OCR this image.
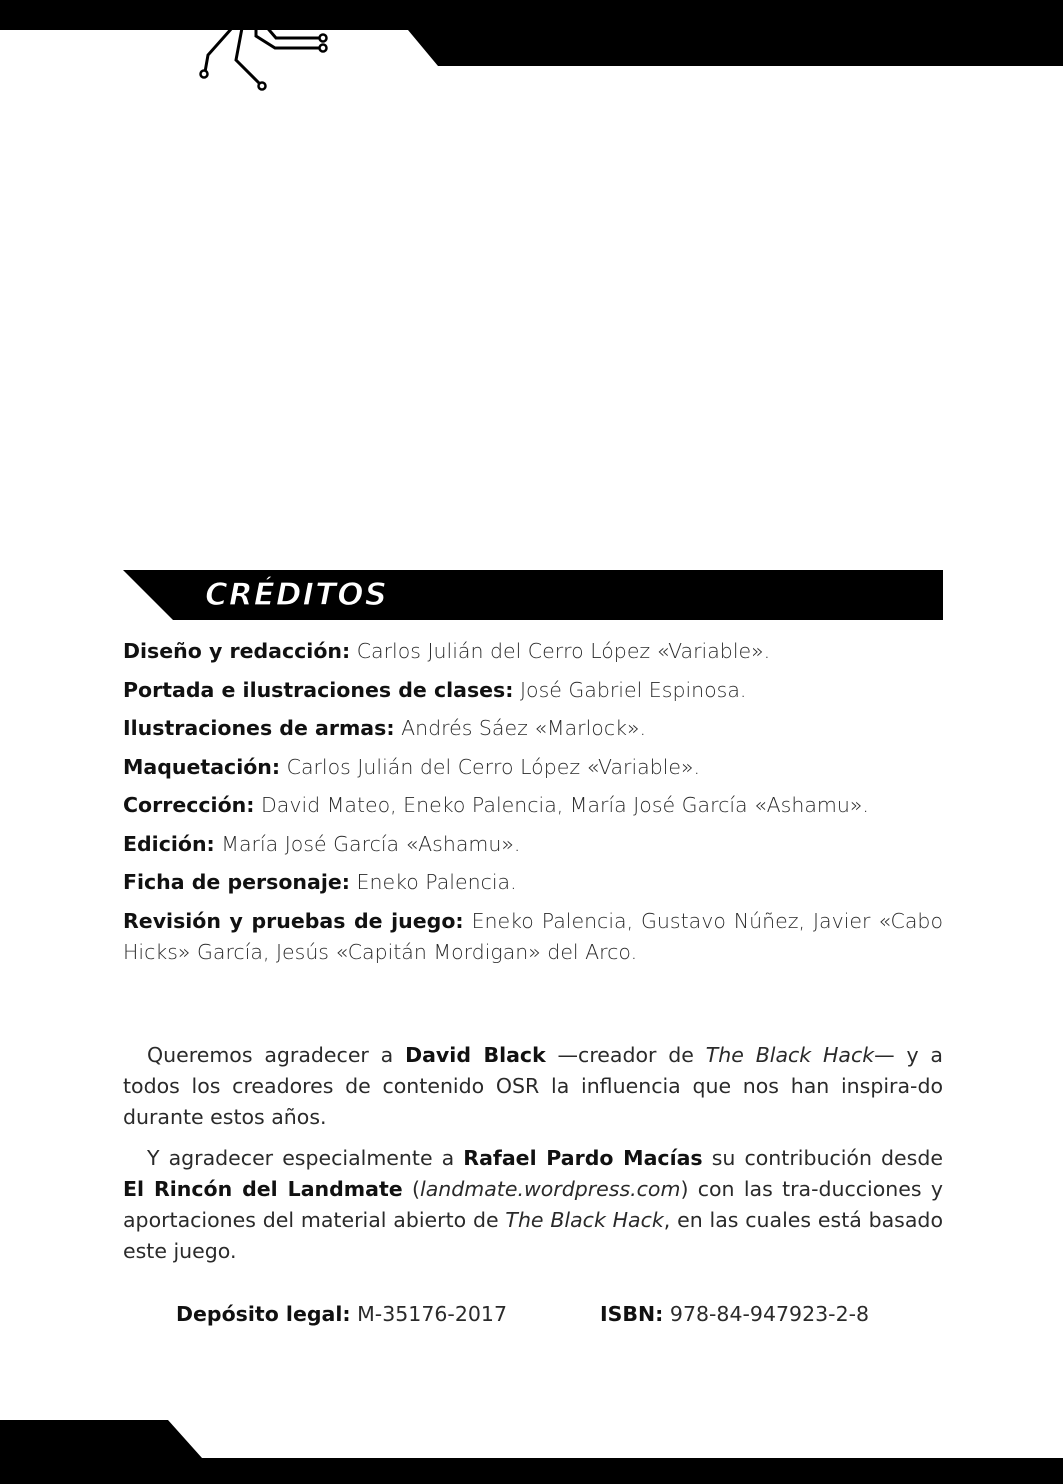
CRÉDITOS

Diseño y redacción: Carlos Julián del Cerro López «Variable».

Portada e ilustraciones de clases: José Gabriel Espinosa.

Ilustraciones de armas: Andrés Sáez «Marlock».

Maquetación: Carlos Julián del Cerro López «Variable».

Corrección: David Mateo, Eneko Palencia, María José García «Ashamu».

Edición: María José García «Ashamu».

Ficha de personaje: Eneko Palencia.

Revisión y pruebas de juego: Eneko Palencia, Gustavo Núñez, Javier «Cabo Hicks» García, Jesús «Capitán Mordigan» del Arco.

Queremos agradecer a David Black —creador de The Black Hack— y a todos los creadores de contenido OSR la influencia que nos han inspira-do durante estos años.

Y agradecer especialmente a Rafael Pardo Macías su contribución desde El Rincón del Landmate (landmate.wordpress.com) con las tra-ducciones y aportaciones del material abierto de The Black Hack, en las cuales está basado este juego.

Depósito legal: M-35176-2017	ISBN: 978-84-947923-2-8
